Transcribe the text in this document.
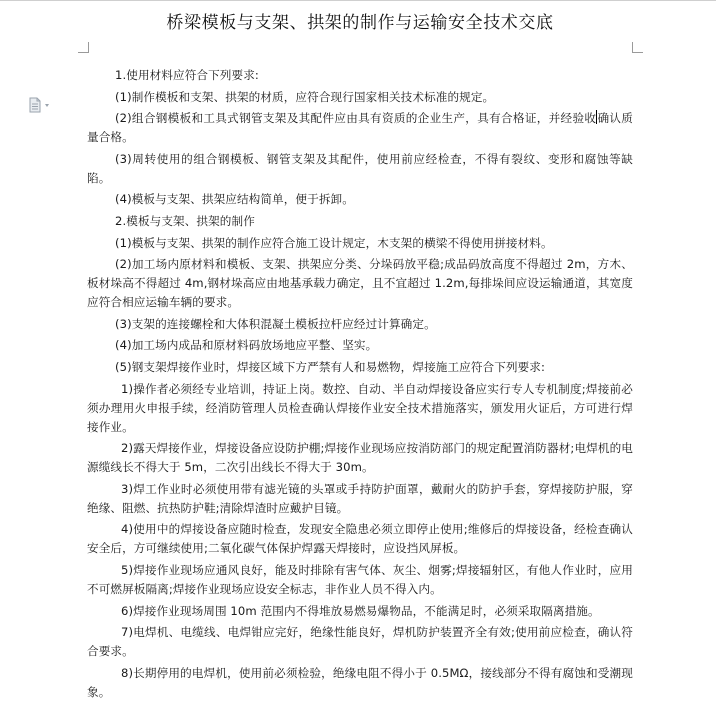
桥梁模板与支架、拱架的制作与运输安全技术交底

1.使用材料应符合下列要求:

(1)制作模板和支架、拱架的材质，应符合现行国家相关技术标准的规定。

(2)组合钢模板和工具式钢管支架及其配件应由具有资质的企业生产，具有合格证，并经验收确认质量合格。

(3)周转使用的组合钢模板、钢管支架及其配件，使用前应经检查，不得有裂纹、变形和腐蚀等缺陷。

(4)模板与支架、拱架应结构简单，便于拆卸。

2.模板与支架、拱架的制作

(1)模板与支架、拱架的制作应符合施工设计规定，木支架的横梁不得使用拼接材料。

(2)加工场内原材料和模板、支架、拱架应分类、分垛码放平稳;成品码放高度不得超过 2m，方木、板材垛高不得超过 4m,钢材垛高应由地基承载力确定，且不宜超过 1.2m,每排垛间应设运输通道，其宽度应符合相应运输车辆的要求。

(3)支架的连接螺栓和大体积混凝土模板拉杆应经过计算确定。

(4)加工场内成品和原材料码放场地应平整、坚实。

(5)钢支架焊接作业时，焊接区域下方严禁有人和易燃物，焊接施工应符合下列要求:

1)操作者必须经专业培训，持证上岗。数控、自动、半自动焊接设备应实行专人专机制度;焊接前必须办理用火申报手续，经消防管理人员检查确认焊接作业安全技术措施落实，颁发用火证后，方可进行焊接作业。

2)露天焊接作业，焊接设备应设防护棚;焊接作业现场应按消防部门的规定配置消防器材;电焊机的电源缆线长不得大于 5m，二次引出线长不得大于 30m。

3)焊工作业时必须使用带有滤光镜的头罩或手持防护面罩，戴耐火的防护手套，穿焊接防护服，穿绝缘、阻燃、抗热防护鞋;清除焊渣时应戴护目镜。

4)使用中的焊接设备应随时检查，发现安全隐患必须立即停止使用;维修后的焊接设备，经检查确认安全后，方可继续使用;二氧化碳气体保护焊露天焊接时，应设挡风屏板。

5)焊接作业现场应通风良好，能及时排除有害气体、灰尘、烟雾;焊接辐射区，有他人作业时，应用不可燃屏板隔离;焊接作业现场应设安全标志，非作业人员不得入内。

6)焊接作业现场周围 10m 范围内不得堆放易燃易爆物品，不能满足时，必须采取隔离措施。

7)电焊机、电缆线、电焊钳应完好，绝缘性能良好，焊机防护装置齐全有效;使用前应检查，确认符合要求。

8)长期停用的电焊机，使用前必须检验，绝缘电阻不得小于 0.5MΩ，接线部分不得有腐蚀和受潮现象。
